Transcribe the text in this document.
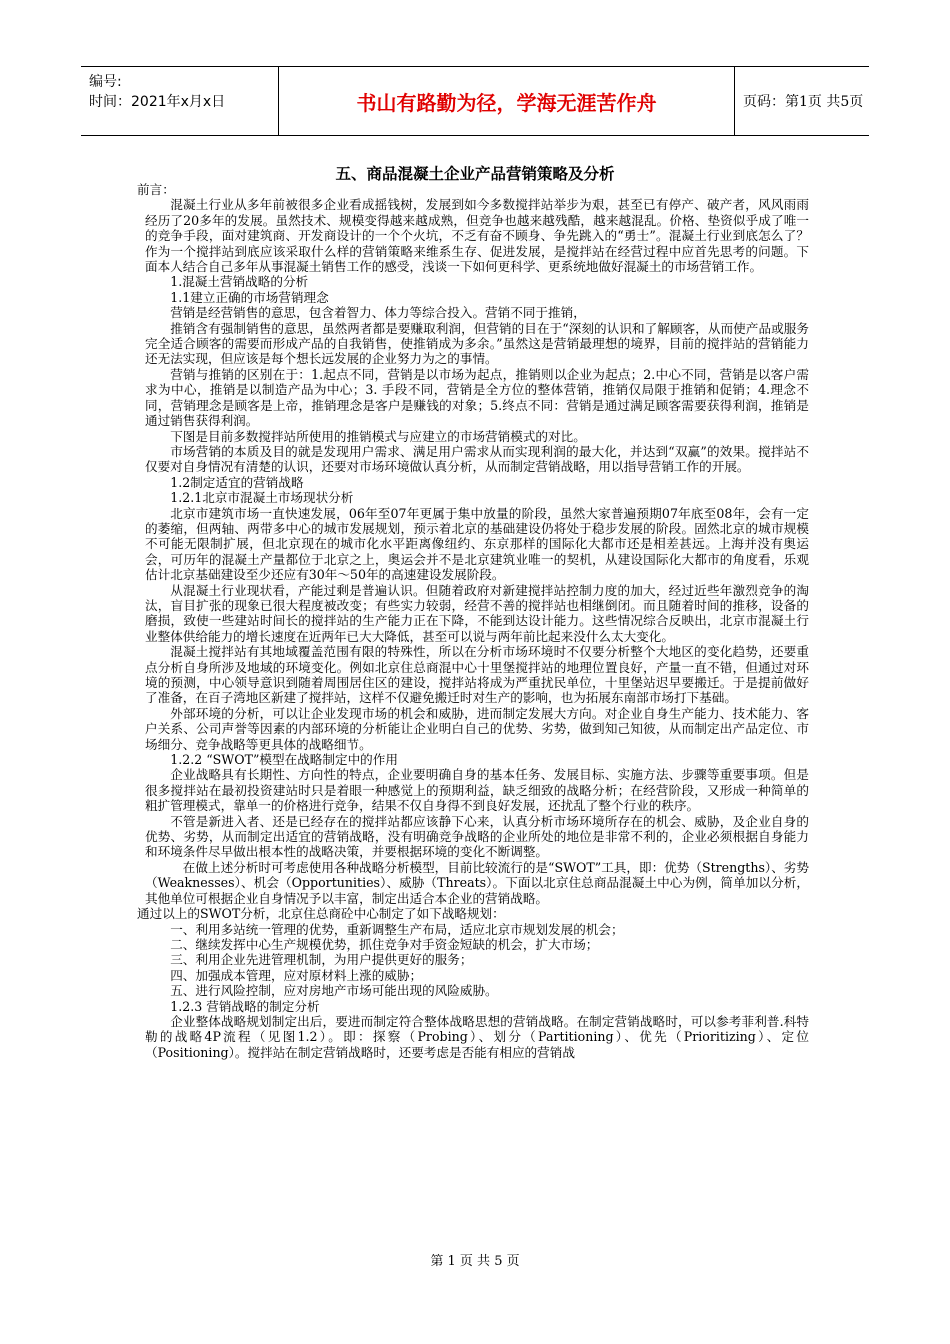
编号:
时间：2021年x月x日	书山有路勤为径，学海无涯苦作舟	页码：第1页 共5页
五、商品混凝土企业产品营销策略及分析

前言：

混凝土行业从多年前被很多企业看成摇钱树，发展到如今多数搅拌站举步为艰，甚至已有停产、破产者，风风雨雨经历了20多年的发展。虽然技术、规模变得越来越成熟，但竞争也越来越残酷，越来越混乱。价格、垫资似乎成了唯一的竞争手段，面对建筑商、开发商设计的一个个火坑，不乏有奋不顾身、争先跳入的“勇士”。混凝土行业到底怎么了？作为一个搅拌站到底应该采取什么样的营销策略来维系生存、促进发展，是搅拌站在经营过程中应首先思考的问题。下面本人结合自己多年从事混凝土销售工作的感受，浅谈一下如何更科学、更系统地做好混凝土的市场营销工作。

1.混凝土营销战略的分析

1.1建立正确的市场营销理念

营销是经营销售的意思，包含着智力、体力等综合投入。营销不同于推销，

推销含有强制销售的意思，虽然两者都是要赚取利润，但营销的目在于“深刻的认识和了解顾客，从而使产品或服务完全适合顾客的需要而形成产品的自我销售，使推销成为多余。”虽然这是营销最理想的境界，目前的搅拌站的营销能力还无法实现，但应该是每个想长远发展的企业努力为之的事情。

营销与推销的区别在于：1.起点不同，营销是以市场为起点，推销则以企业为起点；2.中心不同，营销是以客户需求为中心，推销是以制造产品为中心；3. 手段不同，营销是全方位的整体营销，推销仅局限于推销和促销；4.理念不同，营销理念是顾客是上帝，推销理念是客户是赚钱的对象；5.终点不同：营销是通过满足顾客需要获得利润，推销是通过销售获得利润。

下图是目前多数搅拌站所使用的推销模式与应建立的市场营销模式的对比。

市场营销的本质及目的就是发现用户需求、满足用户需求从而实现利润的最大化，并达到“双赢”的效果。搅拌站不仅要对自身情况有清楚的认识，还要对市场环境做认真分析，从而制定营销战略，用以指导营销工作的开展。

1.2制定适宜的营销战略

1.2.1北京市混凝土市场现状分析

北京市建筑市场一直快速发展，06年至07年更属于集中放量的阶段，虽然大家普遍预期07年底至08年，会有一定的萎缩，但两轴、两带多中心的城市发展规划，预示着北京的基础建设仍将处于稳步发展的阶段。固然北京的城市规模不可能无限制扩展，但北京现在的城市化水平距离像纽约、东京那样的国际化大都市还是相差甚远。上海并没有奥运会，可历年的混凝土产量都位于北京之上，奥运会并不是北京建筑业唯一的契机，从建设国际化大都市的角度看，乐观估计北京基础建设至少还应有30年～50年的高速建设发展阶段。

从混凝土行业现状看，产能过剩是普遍认识。但随着政府对新建搅拌站控制力度的加大，经过近些年激烈竞争的淘汰，盲目扩张的现象已很大程度被改变；有些实力较弱，经营不善的搅拌站也相继倒闭。而且随着时间的推移，设备的磨损，致使一些建站时间长的搅拌站的生产能力正在下降，不能到达设计能力。这些情况综合反映出，北京市混凝土行业整体供给能力的增长速度在近两年已大大降低，甚至可以说与两年前比起来没什么太大变化。

混凝土搅拌站有其地域覆盖范围有限的特殊性，所以在分析市场环境时不仅要分析整个大地区的变化趋势，还要重点分析自身所涉及地域的环境变化。例如北京住总商混中心十里堡搅拌站的地理位置良好，产量一直不错，但通过对环境的预测，中心领导意识到随着周围居住区的建设，搅拌站将成为严重扰民单位，十里堡站迟早要搬迁。于是提前做好了准备，在百子湾地区新建了搅拌站，这样不仅避免搬迁时对生产的影响，也为拓展东南部市场打下基础。

外部环境的分析，可以让企业发现市场的机会和威胁，进而制定发展大方向。对企业自身生产能力、技术能力、客户关系、公司声誉等因素的内部环境的分析能让企业明白自己的优势、劣势，做到知己知彼，从而制定出产品定位、市场细分、竞争战略等更具体的战略细节。

1.2.2 “SWOT”模型在战略制定中的作用

企业战略具有长期性、方向性的特点，企业要明确自身的基本任务、发展目标、实施方法、步骤等重要事项。但是很多搅拌站在最初投资建站时只是着眼一种感觉上的预期利益，缺乏细致的战略分析；在经营阶段，又形成一种简单的粗扩管理模式，靠单一的价格进行竞争，结果不仅自身得不到良好发展，还扰乱了整个行业的秩序。

不管是新进入者、还是已经存在的搅拌站都应该静下心来，认真分析市场环境所存在的机会、威胁，及企业自身的优势、劣势，从而制定出适宜的营销战略，没有明确竞争战略的企业所处的地位是非常不利的，企业必须根据自身能力和环境条件尽早做出根本性的战略决策，并要根据环境的变化不断调整。

在做上述分析时可考虑使用各种战略分析模型，目前比较流行的是“SWOT”工具，即：优势（Strengths）、劣势（Weaknesses）、机会（Opportunities）、威胁（Threats）。下面以北京住总商品混凝土中心为例，简单加以分析，其他单位可根据企业自身情况予以丰富，制定出适合本企业的营销战略。

通过以上的SWOT分析，北京住总商砼中心制定了如下战略规划：

一、利用多站统一管理的优势，重新调整生产布局，适应北京市规划发展的机会；

二、继续发挥中心生产规模优势，抓住竞争对手资金短缺的机会，扩大市场；

三、利用企业先进管理机制，为用户提供更好的服务；

四、加强成本管理，应对原材料上涨的威胁；

五、进行风险控制，应对房地产市场可能出现的风险威胁。

1.2.3 营销战略的制定分析

企业整体战略规划制定出后，要进而制定符合整体战略思想的营销战略。在制定营销战略时，可以参考菲利普.科特勒的战略4P流程（见图1.2）。即：探察（Probing）、划分（Partitioning）、优先（Prioritizing）、定位（Positioning）。搅拌站在制定营销战略时，还要考虑是否能有相应的营销战

第 1 页 共 5 页
